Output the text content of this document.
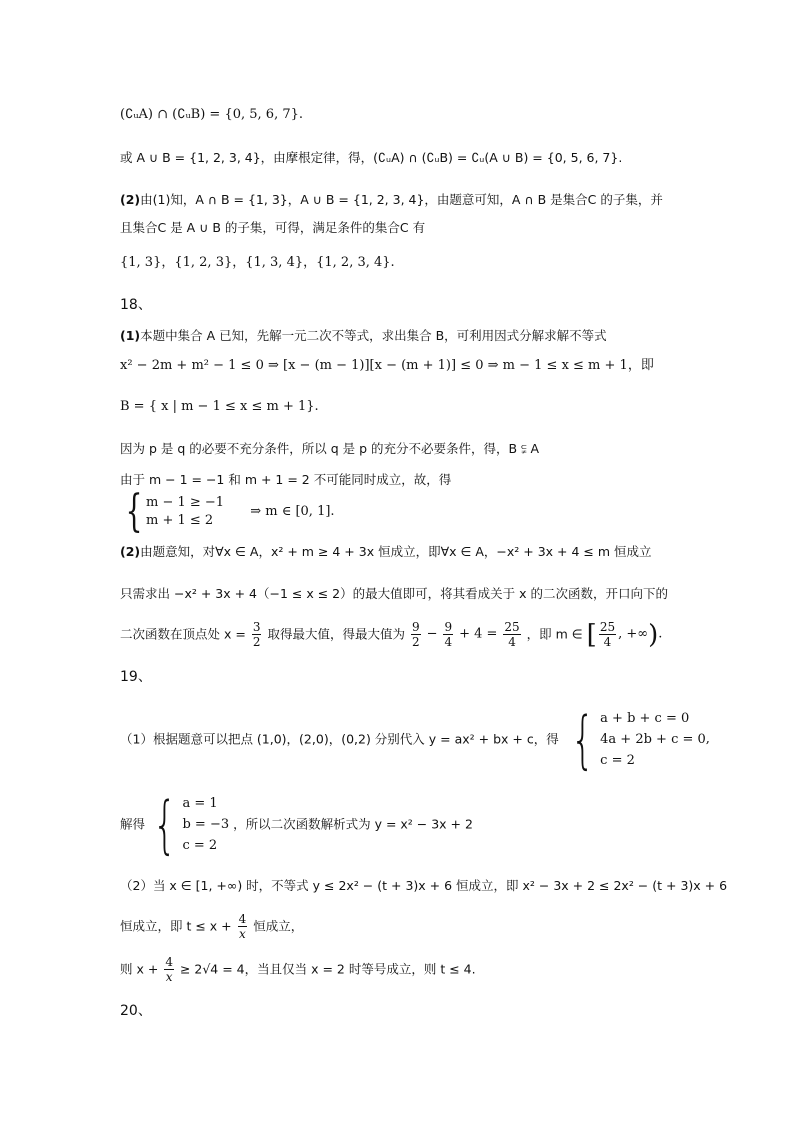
(∁ᵤA) ∩ (∁ᵤB) = {0, 5, 6, 7}.
或 A ∪ B = {1, 2, 3, 4}，由摩根定律，得，(∁ᵤA) ∩ (∁ᵤB) = ∁ᵤ(A ∪ B) = {0, 5, 6, 7}.
(2)由(1)知，A ∩ B = {1, 3}，A ∪ B = {1, 2, 3, 4}，由题意可知，A ∩ B 是集合C 的子集，并
且集合C 是 A ∪ B 的子集，可得，满足条件的集合C 有
{1, 3}，{1, 2, 3}，{1, 3, 4}，{1, 2, 3, 4}.
18、
(1)本题中集合 A 已知，先解一元二次不等式，求出集合 B，可利用因式分解求解不等式
x² − 2m + m² − 1 ≤ 0 ⇒ [x − (m − 1)][x − (m + 1)] ≤ 0 ⇒ m − 1 ≤ x ≤ m + 1，即
B = { x | m − 1 ≤ x ≤ m + 1}.
因为 p 是 q 的必要不充分条件，所以 q 是 p 的充分不必要条件，得，B ⫋ A
由于 m − 1 = −1 和 m + 1 = 2 不可能同时成立，故，得
{ m − 1 ≥ −1
m + 1 ≤ 2
⇒ m ∈ [0, 1].
(2)由题意知，对∀x ∈ A，x² + m ≥ 4 + 3x 恒成立，即∀x ∈ A，−x² + 3x + 4 ≤ m 恒成立
只需求出 −x² + 3x + 4（−1 ≤ x ≤ 2）的最大值即可，将其看成关于 x 的二次函数，开口向下的
二次函数在顶点处 $x = \frac{3}{2}$ 取得最大值，得最大值为 $\frac{9}{2} - \frac{9}{4} + 4 = \frac{25}{4}$ ，即 m ∈ [ $\frac{25}{4}$ , +∞).
19、
（1）根据题意可以把点 (1,0)，(2,0)，(0,2) 分别代入 y = ax² + bx + c，得 { a + b + c = 0
4a + 2b + c = 0
c = 2
,
解得 { a = 1
b = −3
c = 2
，所以二次函数解析式为 y = x² − 3x + 2
（2）当 x ∈ [1, +∞) 时，不等式 y ≤ 2x² − (t + 3)x + 6 恒成立，即 x² − 3x + 2 ≤ 2x² − (t + 3)x + 6
恒成立，即 $t \le x + \frac{4}{x}$ 恒成立，
则 $x + \frac{4}{x} \ge 2√4 = 4$，当且仅当 x = 2 时等号成立，则 t ≤ 4.
20、
